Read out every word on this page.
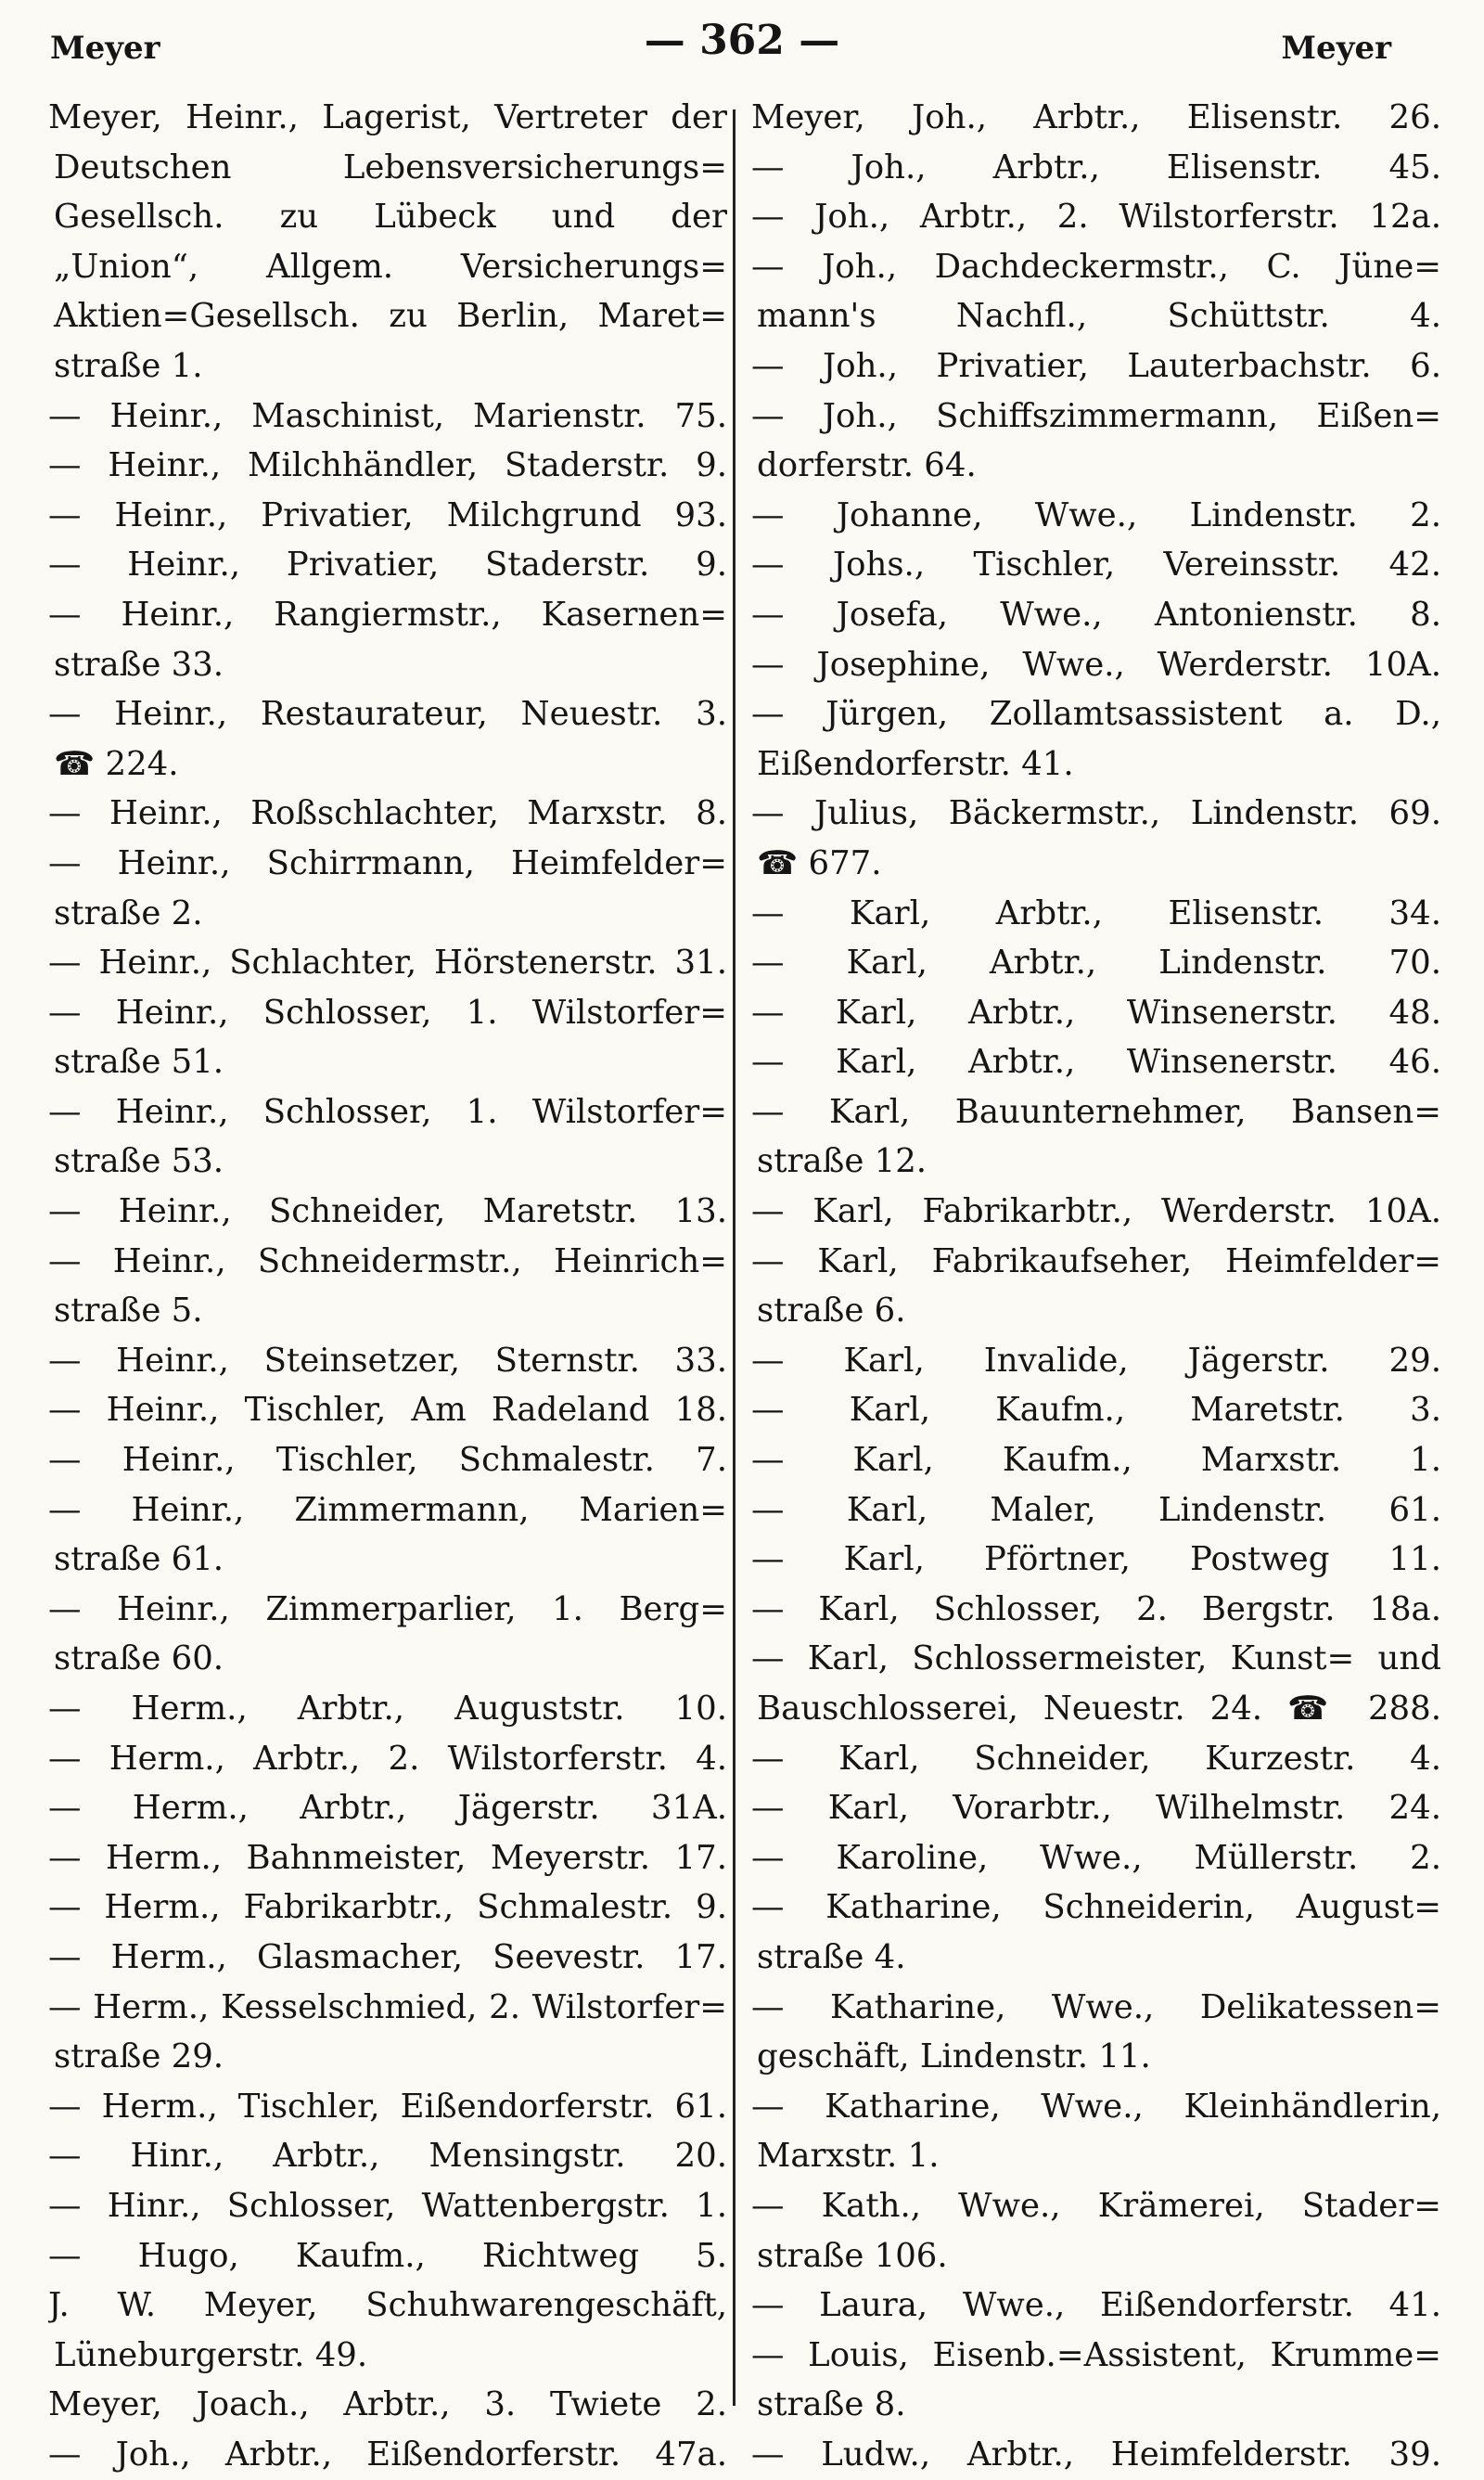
Meyer	— 362 —	Meyer
Meyer, Heinr., Lagerist, Vertreter der
Deutschen Lebensversicherungs=
Gesellsch. zu Lübeck und der
„Union“, Allgem. Versicherungs=
Aktien=Gesellsch. zu Berlin, Maret=
straße 1.
— Heinr., Maschinist, Marienstr. 75.
— Heinr., Milchhändler, Staderstr. 9.
— Heinr., Privatier, Milchgrund 93.
— Heinr., Privatier, Staderstr. 9.
— Heinr., Rangiermstr., Kasernen=
straße 33.
— Heinr., Restaurateur, Neuestr. 3.
☎ 224.
— Heinr., Roßschlachter, Marxstr. 8.
— Heinr., Schirrmann, Heimfelder=
straße 2.
— Heinr., Schlachter, Hörstenerstr. 31.
— Heinr., Schlosser, 1. Wilstorfer=
straße 51.
— Heinr., Schlosser, 1. Wilstorfer=
straße 53.
— Heinr., Schneider, Maretstr. 13.
— Heinr., Schneidermstr., Heinrich=
straße 5.
— Heinr., Steinsetzer, Sternstr. 33.
— Heinr., Tischler, Am Radeland 18.
— Heinr., Tischler, Schmalestr. 7.
— Heinr., Zimmermann, Marien=
straße 61.
— Heinr., Zimmerparlier, 1. Berg=
straße 60.
— Herm., Arbtr., Auguststr. 10.
— Herm., Arbtr., 2. Wilstorferstr. 4.
— Herm., Arbtr., Jägerstr. 31A.
— Herm., Bahnmeister, Meyerstr. 17.
— Herm., Fabrikarbtr., Schmalestr. 9.
— Herm., Glasmacher, Seevestr. 17.
— Herm., Kesselschmied, 2. Wilstorfer=
straße 29.
— Herm., Tischler, Eißendorferstr. 61.
— Hinr., Arbtr., Mensingstr. 20.
— Hinr., Schlosser, Wattenbergstr. 1.
— Hugo, Kaufm., Richtweg 5.
J. W. Meyer, Schuhwarengeschäft,
Lüneburgerstr. 49.
Meyer, Joach., Arbtr., 3. Twiete 2.
— Joh., Arbtr., Eißendorferstr. 47a.
Meyer, Joh., Arbtr., Elisenstr. 26.
— Joh., Arbtr., Elisenstr. 45.
— Joh., Arbtr., 2. Wilstorferstr. 12a.
— Joh., Dachdeckermstr., C. Jüne=
mann's Nachfl., Schüttstr. 4.
— Joh., Privatier, Lauterbachstr. 6.
— Joh., Schiffszimmermann, Eißen=
dorferstr. 64.
— Johanne, Wwe., Lindenstr. 2.
— Johs., Tischler, Vereinsstr. 42.
— Josefa, Wwe., Antonienstr. 8.
— Josephine, Wwe., Werderstr. 10A.
— Jürgen, Zollamtsassistent a. D.,
Eißendorferstr. 41.
— Julius, Bäckermstr., Lindenstr. 69.
☎ 677.
— Karl, Arbtr., Elisenstr. 34.
— Karl, Arbtr., Lindenstr. 70.
— Karl, Arbtr., Winsenerstr. 48.
— Karl, Arbtr., Winsenerstr. 46.
— Karl, Bauunternehmer, Bansen=
straße 12.
— Karl, Fabrikarbtr., Werderstr. 10A.
— Karl, Fabrikaufseher, Heimfelder=
straße 6.
— Karl, Invalide, Jägerstr. 29.
— Karl, Kaufm., Maretstr. 3.
— Karl, Kaufm., Marxstr. 1.
— Karl, Maler, Lindenstr. 61.
— Karl, Pförtner, Postweg 11.
— Karl, Schlosser, 2. Bergstr. 18a.
— Karl, Schlossermeister, Kunst= und
Bauschlosserei, Neuestr. 24. ☎ 288.
— Karl, Schneider, Kurzestr. 4.
— Karl, Vorarbtr., Wilhelmstr. 24.
— Karoline, Wwe., Müllerstr. 2.
— Katharine, Schneiderin, August=
straße 4.
— Katharine, Wwe., Delikatessen=
geschäft, Lindenstr. 11.
— Katharine, Wwe., Kleinhändlerin,
Marxstr. 1.
— Kath., Wwe., Krämerei, Stader=
straße 106.
— Laura, Wwe., Eißendorferstr. 41.
— Louis, Eisenb.=Assistent, Krumme=
straße 8.
— Ludw., Arbtr., Heimfelderstr. 39.
